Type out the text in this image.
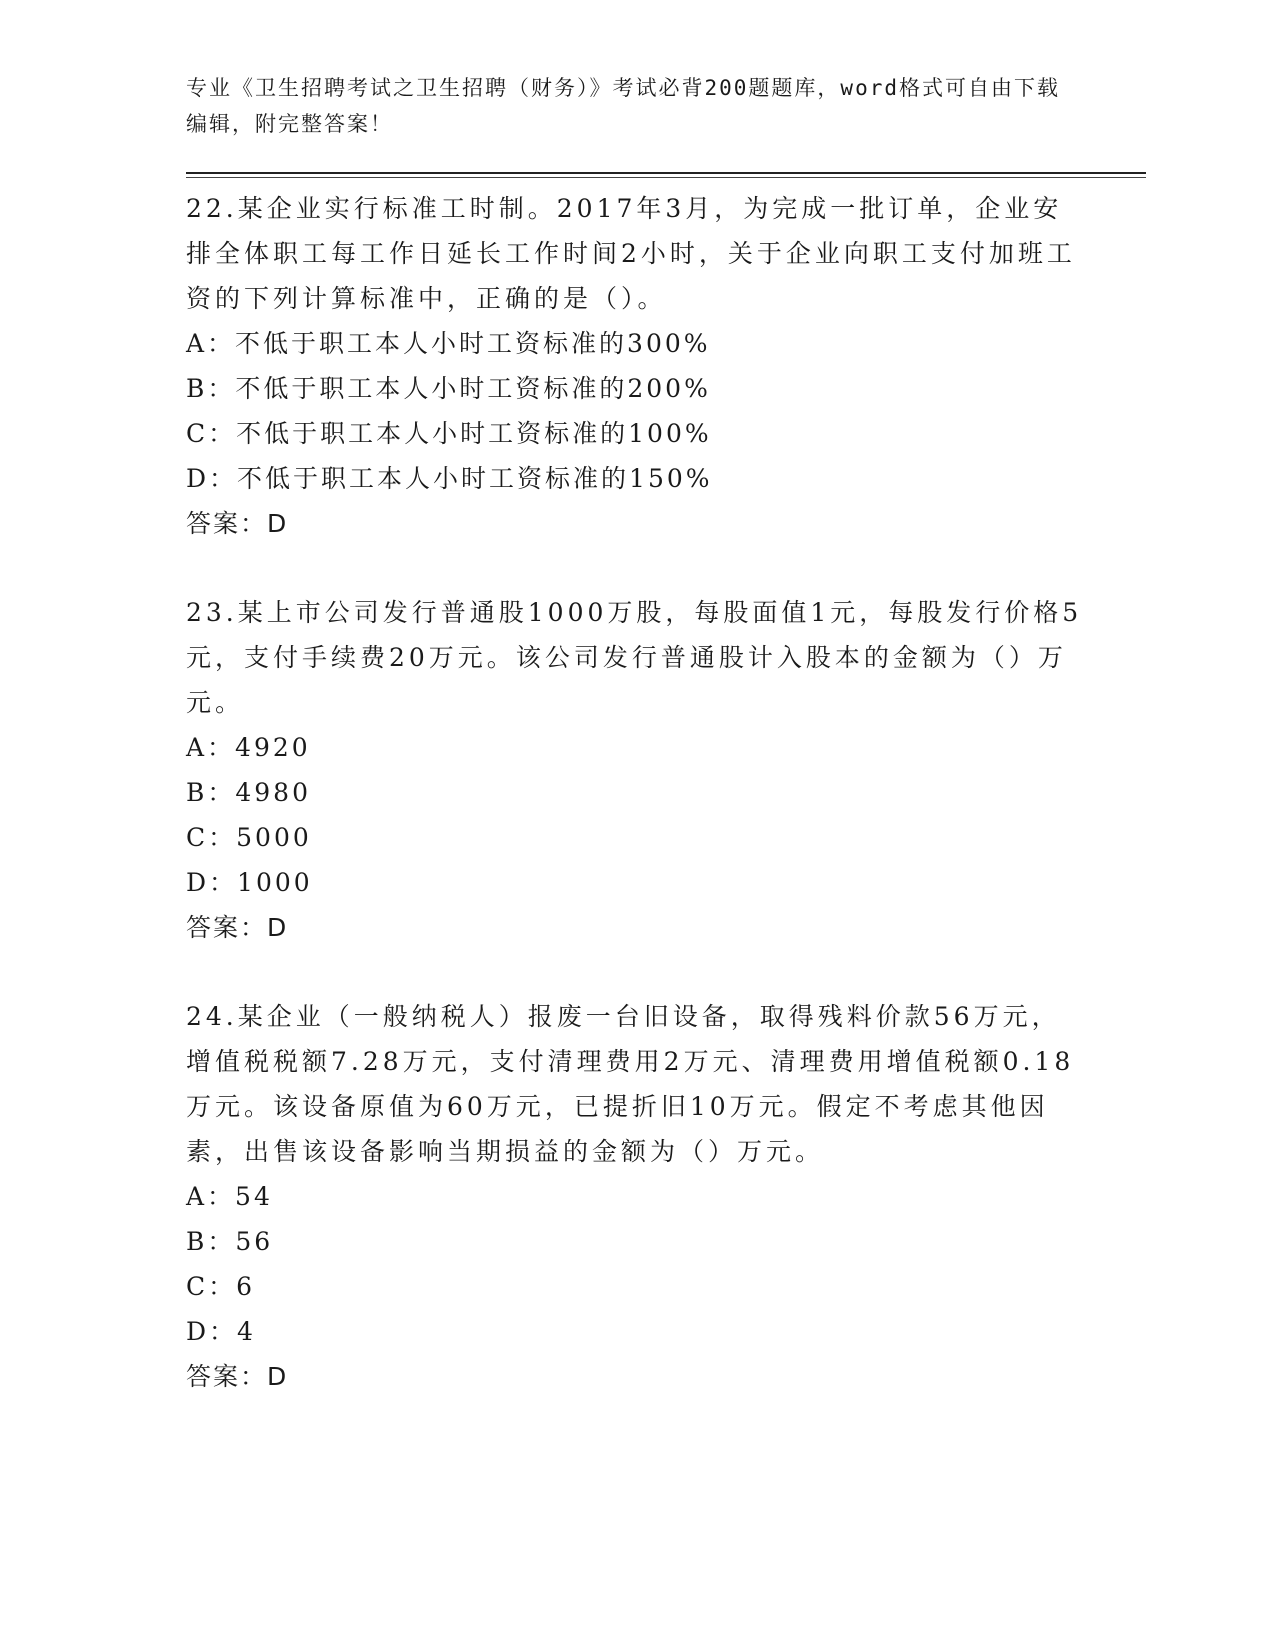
专业《卫生招聘考试之卫生招聘（财务）》考试必背200题题库，word格式可自由下载编辑，附完整答案！

22.某企业实行标准工时制。2017年3月，为完成一批订单，企业安排全体职工每工作日延长工作时间2小时，关于企业向职工支付加班工资的下列计算标准中，正确的是（）。

A：不低于职工本人小时工资标准的300%

B：不低于职工本人小时工资标准的200%

C：不低于职工本人小时工资标准的100%

D：不低于职工本人小时工资标准的150%

答案：D

23.某上市公司发行普通股1000万股，每股面值1元，每股发行价格5元，支付手续费20万元。该公司发行普通股计入股本的金额为（）万元。

A：4920

B：4980

C：5000

D：1000

答案：D

24.某企业（一般纳税人）报废一台旧设备，取得残料价款56万元，增值税税额7.28万元，支付清理费用2万元、清理费用增值税额0.18万元。该设备原值为60万元，已提折旧10万元。假定不考虑其他因素，出售该设备影响当期损益的金额为（）万元。

A：54

B：56

C：6

D：4

答案：D
